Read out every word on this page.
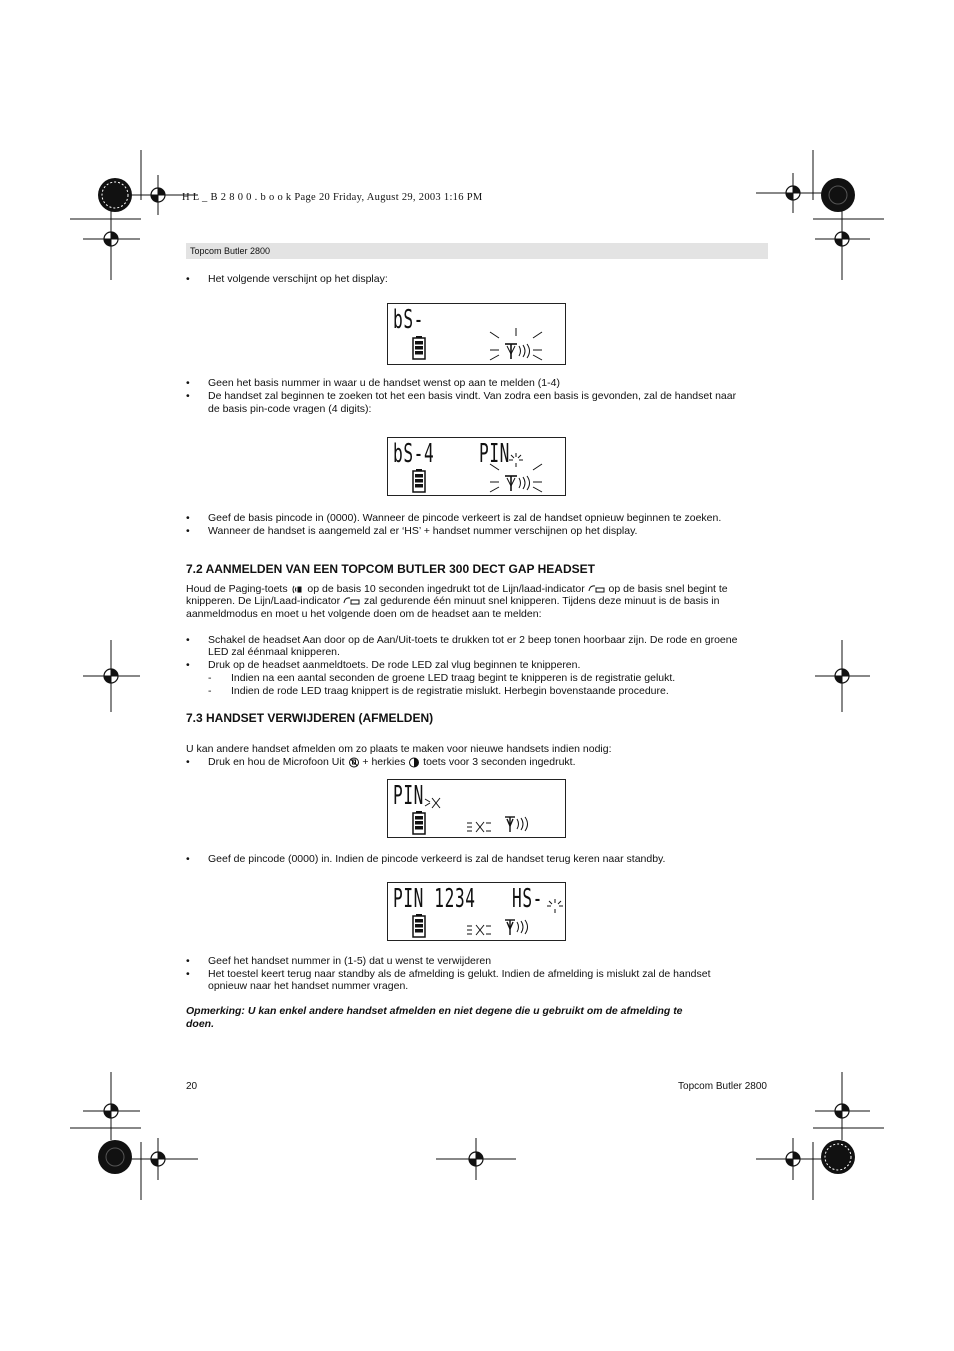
H L _ B 2 8 0 0 . b o o k Page 20 Friday, August 29, 2003 1:16 PM
Topcom Butler 2800
• Het volgende verschijnt op het display:
bS-
• Geen het basis nummer in waar u de handset wenst op aan te melden (1-4)
• De handset zal beginnen te zoeken tot het een basis vindt. Van zodra een basis is gevonden, zal de handset naar
de basis pin-code vragen (4 digits):
bS-4 PIN
• Geef de basis pincode in (0000). Wanneer de pincode verkeert is zal de handset opnieuw beginnen te zoeken.
• Wanneer de handset is aangemeld zal er ‘HS’ + handset nummer verschijnen op het display.
7.2 AANMELDEN VAN EEN TOPCOM BUTLER 300 DECT GAP HEADSET
Houd de Paging-toets op de basis 10 seconden ingedrukt tot de Lijn/laad-indicator op de basis snel begint te
knipperen. De Lijn/Laad-indicator zal gedurende één minuut snel knipperen. Tijdens deze minuut is de basis in
aanmeldmodus en moet u het volgende doen om de headset aan te melden:
• Schakel de headset Aan door op de Aan/Uit-toets te drukken tot er 2 beep tonen hoorbaar zijn. De rode en groene
LED zal éénmaal knipperen.
• Druk op de headset aanmeldtoets. De rode LED zal vlug beginnen te knipperen.
- Indien na een aantal seconden de groene LED traag begint te knipperen is de registratie gelukt.
- Indien de rode LED traag knippert is de registratie mislukt. Herbegin bovenstaande procedure.
7.3 HANDSET VERWIJDEREN (AFMELDEN)
U kan andere handset afmelden om zo plaats te maken voor nieuwe handsets indien nodig:
• Druk en hou de Microfoon Uit + herkies toets voor 3 seconden ingedrukt.
PIN
• Geef de pincode (0000) in. Indien de pincode verkeerd is zal de handset terug keren naar standby.
PIN 1234 HS-
• Geef het handset nummer in (1-5) dat u wenst te verwijderen
• Het toestel keert terug naar standby als de afmelding is gelukt. Indien de afmelding is mislukt zal de handset
opnieuw naar het handset nummer vragen.
Opmerking: U kan enkel andere handset afmelden en niet degene die u gebruikt om de afmelding te
doen.
20	Topcom Butler 2800
